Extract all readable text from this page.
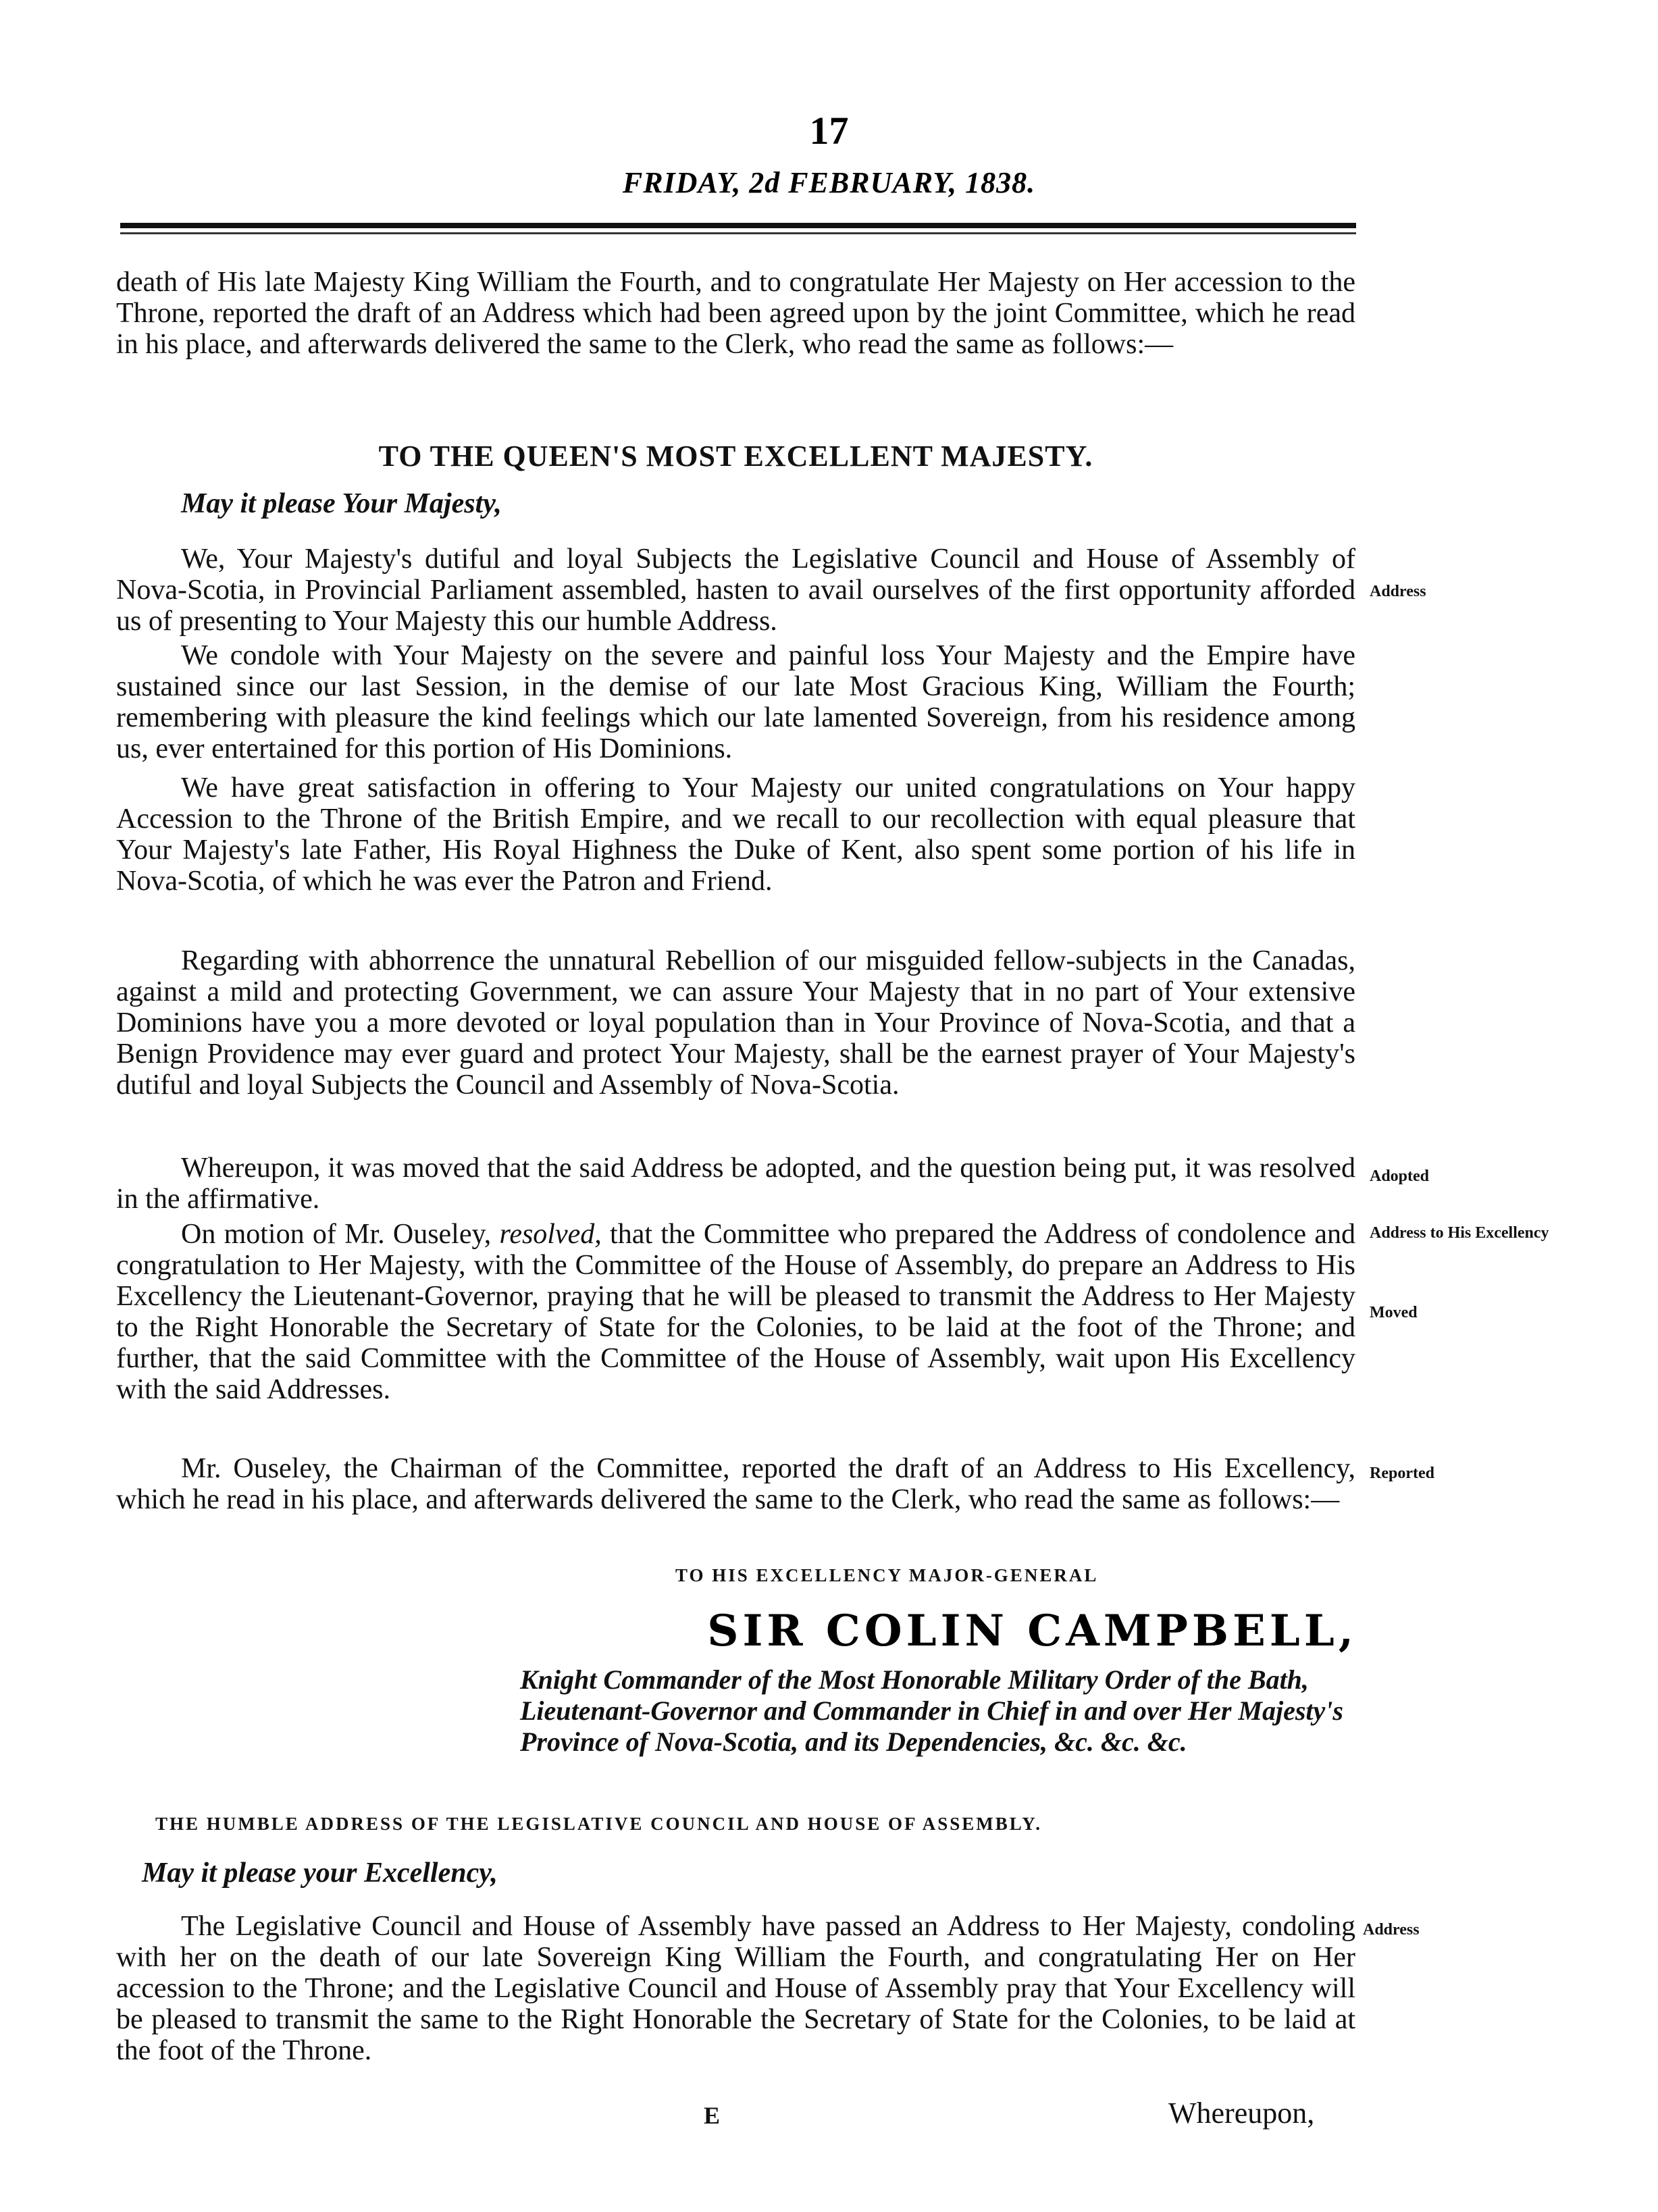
17
FRIDAY, 2d FEBRUARY, 1838.
death of His late Majesty King William the Fourth, and to congratulate Her Majesty on Her accession to the Throne, reported the draft of an Address which had been agreed upon by the joint Committee, which he read in his place, and afterwards delivered the same to the Clerk, who read the same as follows:—
TO THE QUEEN'S MOST EXCELLENT MAJESTY.
May it please Your Majesty,
We, Your Majesty's dutiful and loyal Subjects the Legislative Council and House of Assembly of Nova-Scotia, in Provincial Parliament assembled, hasten to avail ourselves of the first opportunity afforded us of presenting to Your Majesty this our humble Address.
We condole with Your Majesty on the severe and painful loss Your Majesty and the Empire have sustained since our last Session, in the demise of our late Most Gracious King, William the Fourth; remembering with pleasure the kind feelings which our late lamented Sovereign, from his residence among us, ever entertained for this portion of His Dominions.
We have great satisfaction in offering to Your Majesty our united congratulations on Your happy Accession to the Throne of the British Empire, and we recall to our recollection with equal pleasure that Your Majesty's late Father, His Royal Highness the Duke of Kent, also spent some portion of his life in Nova-Scotia, of which he was ever the Patron and Friend.
Regarding with abhorrence the unnatural Rebellion of our misguided fellow-subjects in the Canadas, against a mild and protecting Government, we can assure Your Majesty that in no part of Your extensive Dominions have you a more devoted or loyal population than in Your Province of Nova-Scotia, and that a Benign Providence may ever guard and protect Your Majesty, shall be the earnest prayer of Your Majesty's dutiful and loyal Subjects the Council and Assembly of Nova-Scotia.
Whereupon, it was moved that the said Address be adopted, and the question being put, it was resolved in the affirmative.
On motion of Mr. Ouseley, resolved, that the Committee who prepared the Address of condolence and congratulation to Her Majesty, with the Committee of the House of Assembly, do prepare an Address to His Excellency the Lieutenant-Governor, praying that he will be pleased to transmit the Address to Her Majesty to the Right Honorable the Secretary of State for the Colonies, to be laid at the foot of the Throne; and further, that the said Committee with the Committee of the House of Assembly, wait upon His Excellency with the said Addresses.
Mr. Ouseley, the Chairman of the Committee, reported the draft of an Address to His Excellency, which he read in his place, and afterwards delivered the same to the Clerk, who read the same as follows:—
TO HIS EXCELLENCY MAJOR-GENERAL
SIR COLIN CAMPBELL,
Knight Commander of the Most Honorable Military Order of the Bath, Lieutenant-Governor and Commander in Chief in and over Her Majesty's Province of Nova-Scotia, and its Dependencies, &c. &c. &c.
THE HUMBLE ADDRESS OF THE LEGISLATIVE COUNCIL AND HOUSE OF ASSEMBLY.
May it please your Excellency,
The Legislative Council and House of Assembly have passed an Address to Her Majesty, condoling with her on the death of our late Sovereign King William the Fourth, and congratulating Her on Her accession to the Throne; and the Legislative Council and House of Assembly pray that Your Excellency will be pleased to transmit the same to the Right Honorable the Secretary of State for the Colonies, to be laid at the foot of the Throne.
Address
Adopted
Address to His Excellency
Moved
Reported
Address
E	Whereupon,
